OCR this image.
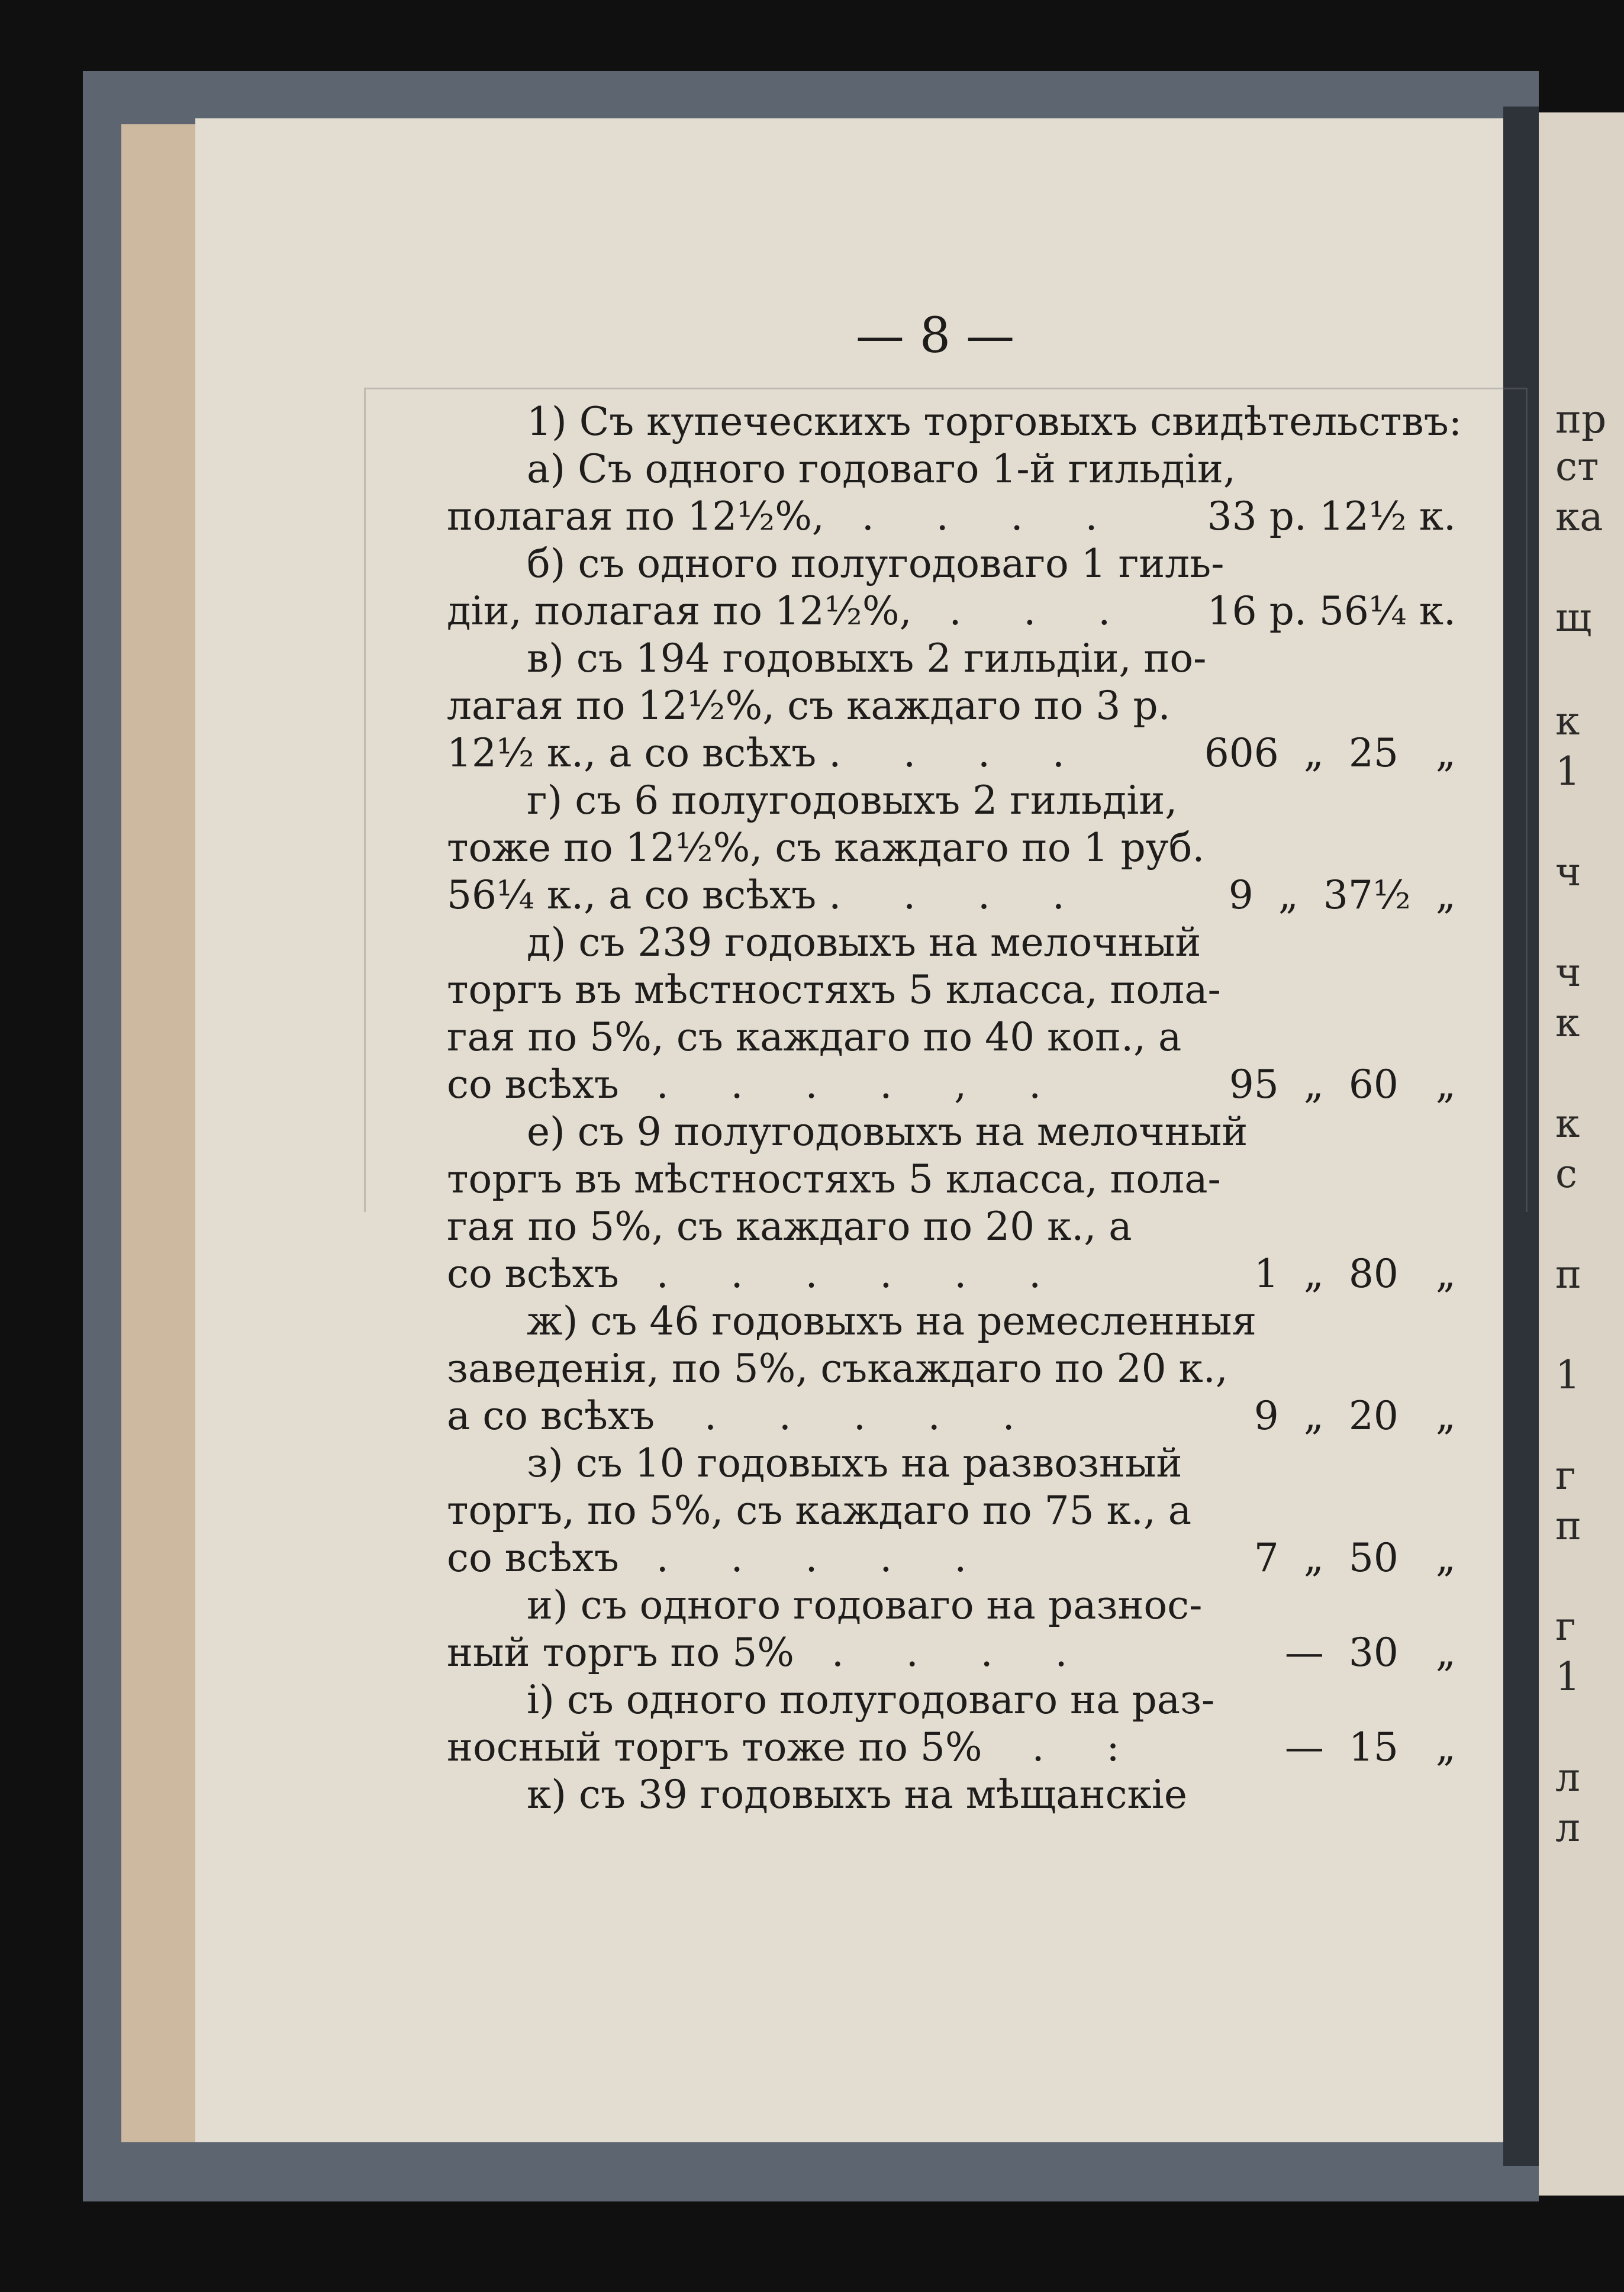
пр
ст
ка
щ
к
1
ч
ч
к
к
с
п
1
г
п
г
1
л
л
— 8 —
1) Съ купеческихъ торговыхъ свидѣтельствъ:
а) Съ одного годоваго 1-й гильдіи,
полагая по 12½%,   .     .     .     .
б) съ одного полугодоваго 1 гиль-
діи, полагая по 12½%,   .     .     .
в) съ 194 годовыхъ 2 гильдіи, по-
лагая по 12½%, съ каждаго по 3 р.
12½ к., а со всѣхъ .     .     .     .
г) съ 6 полугодовыхъ 2 гильдіи,
тоже по 12½%, съ каждаго по 1 руб.
56¼ к., а со всѣхъ .     .     .     .
д) съ 239 годовыхъ на мелочный
торгъ въ мѣстностяхъ 5 класса, пола-
гая по 5%, съ каждаго по 40 коп., а
со всѣхъ   .     .     .     .     ,     .
е) съ 9 полугодовыхъ на мелочный
торгъ въ мѣстностяхъ 5 класса, пола-
гая по 5%, съ каждаго по 20 к., а
со всѣхъ   .     .     .     .     .     .
ж) съ 46 годовыхъ на ремесленныя
заведенія, по 5%, съкаждаго по 20 к.,
а со всѣхъ    .     .     .     .     .
з) съ 10 годовыхъ на развозный
торгъ, по 5%, съ каждаго по 75 к., а
со всѣхъ   .     .     .     .     .
и) съ одного годоваго на разнос-
ный торгъ по 5%   .     .     .     .
і) съ одного полугодоваго на раз-
носный торгъ тоже по 5%    .     :
к) съ 39 годовыхъ на мѣщанскіе
33 р. 12½ к.
16 р. 56¼ к.
606  „  25   „
9  „  37½  „
95  „  60   „
1  „  80   „
9  „  20   „
7  „  50   „
—  30   „
—  15   „
